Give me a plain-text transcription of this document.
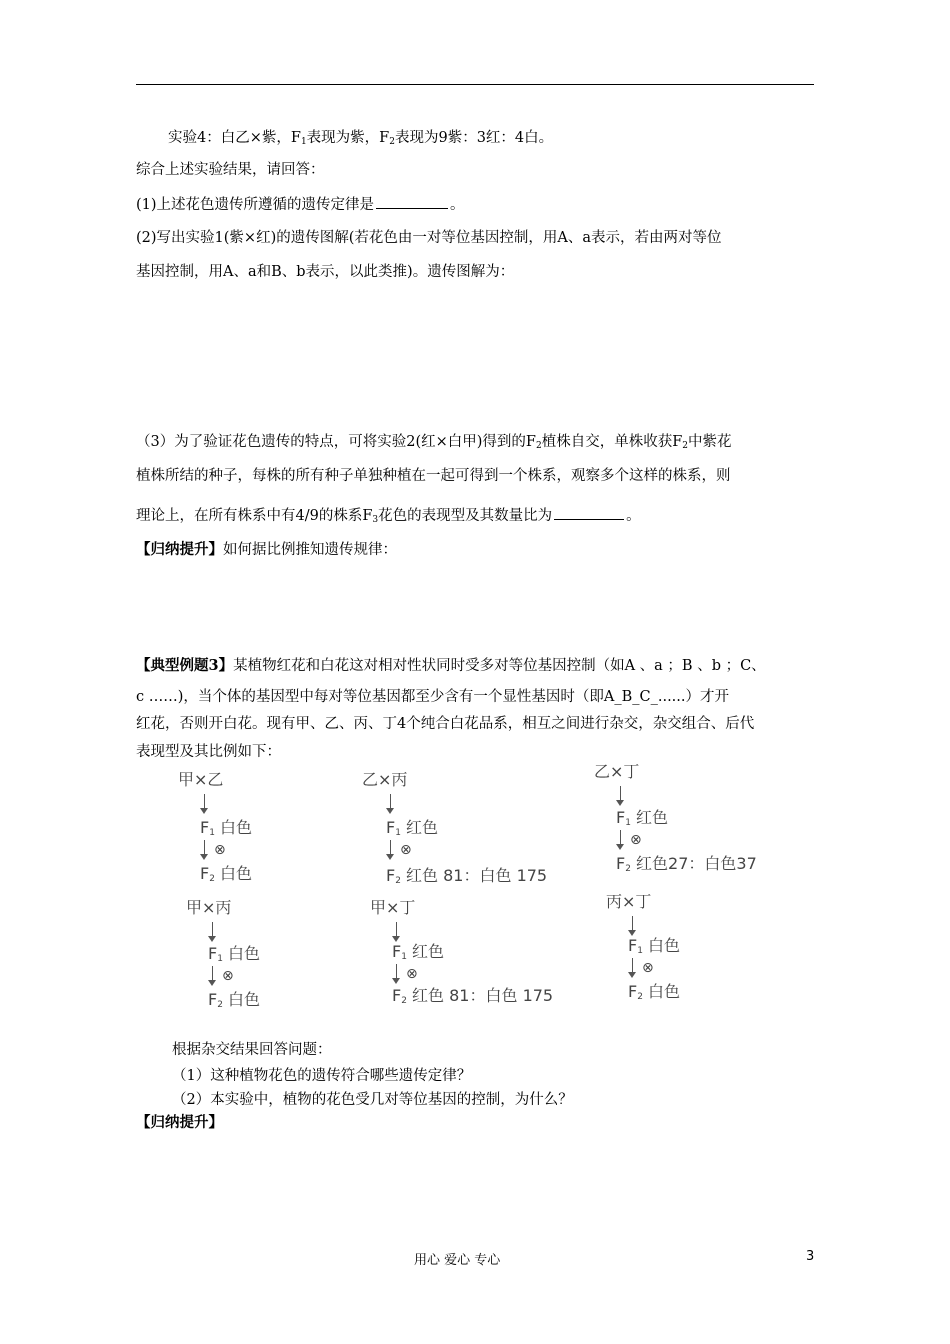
实验4：白乙×紫，$F_1$表现为紫，$F_2$表现为9紫：3红：4白。
综合上述实验结果，请回答：
(1)上述花色遗传所遵循的遗传定律是	。
(2)写出实验1(紫×红)的遗传图解(若花色由一对等位基因控制，用A、a表示，若由两对等位
基因控制，用A、a和B、b表示，以此类推)。遗传图解为：
（3）为了验证花色遗传的特点，可将实验2(红×白甲)得到的$F_2$植株自交，单株收获$F_2$中紫花
植株所结的种子，每株的所有种子单独种植在一起可得到一个株系，观察多个这样的株系，则
理论上，在所有株系中有4/9的株系$F_3$花色的表现型及其数量比为	。
【归纳提升】如何据比例推知遗传规律：
【典型例题3】某植物红花和白花这对相对性状同时受多对等位基因控制（如A 、a ；B 、b ；C、
c ……)，当个体的基因型中每对等位基因都至少含有一个显性基因时（即A_B_C_......）才开
红花，否则开白花。现有甲、乙、丙、丁4个纯合白花品系，相互之间进行杂交，杂交组合、后代
表现型及其比例如下：
甲×乙
$F_1$ 白色
⊗
$F_2$ 白色
乙×丙
$F_1$ 红色
⊗
$F_2$ 红色 81：白色 175
乙×丁
$F_1$ 红色
⊗
$F_2$ 红色27：白色37
甲×丙
$F_1$ 白色
⊗
$F_2$ 白色
甲×丁
$F_1$ 红色
⊗
$F_2$ 红色 81：白色 175
丙×丁
$F_1$ 白色
⊗
$F_2$ 白色
根据杂交结果回答问题：
（1）这种植物花色的遗传符合哪些遗传定律？
（2）本实验中，植物的花色受几对等位基因的控制，为什么？
【归纳提升】
用心 爱心 专心	3
